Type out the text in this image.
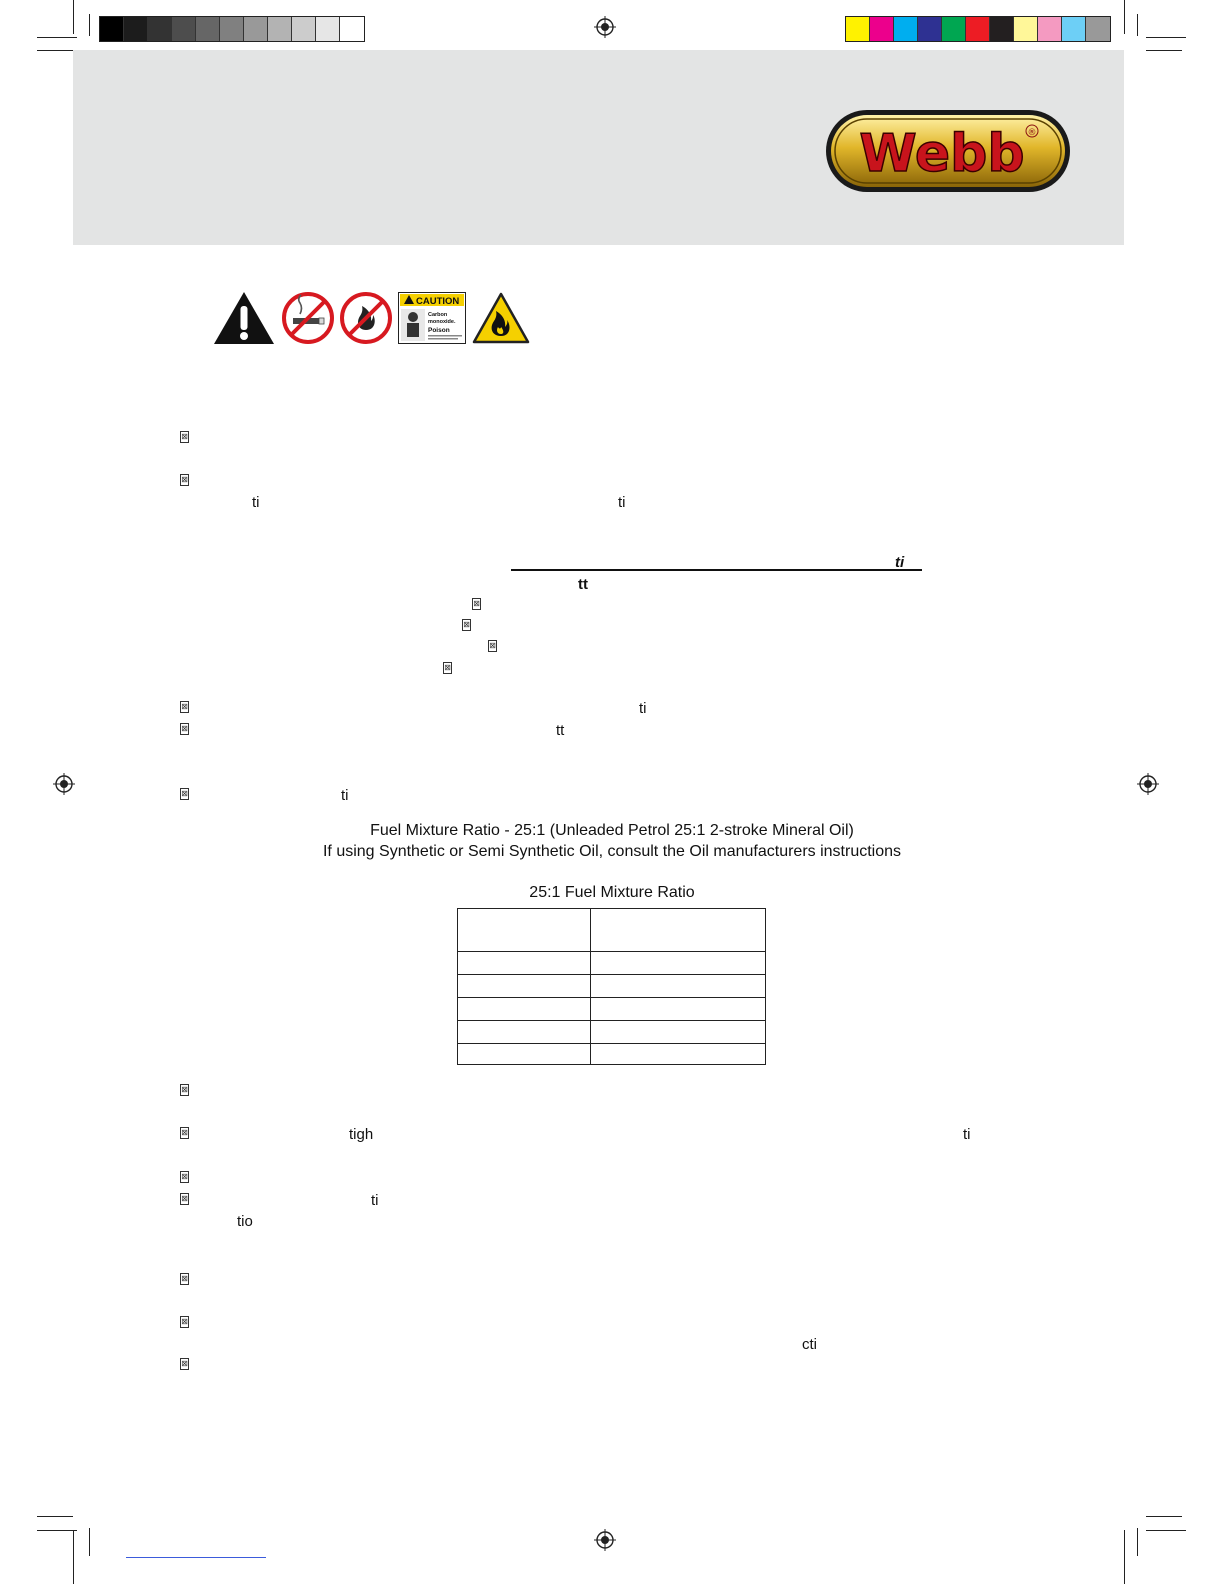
Webb ®
CAUTION
Carbon
monoxide.
Poison
⊠
⊠
⊠
⊠
⊠
⊠
⊠
⊠
⊠
⊠
⊠
⊠
⊠
⊠
⊠
⊠
ti	ti
ti
tt
ti
tt
ti
Fuel Mixture Ratio - 25:1 (Unleaded Petrol 25:1 2-stroke Mineral Oil)
If using Synthetic or Semi Synthetic Oil, consult the Oil manufacturers instructions
25:1 Fuel Mixture Ratio

tigh	ti
ti
tio
cti
